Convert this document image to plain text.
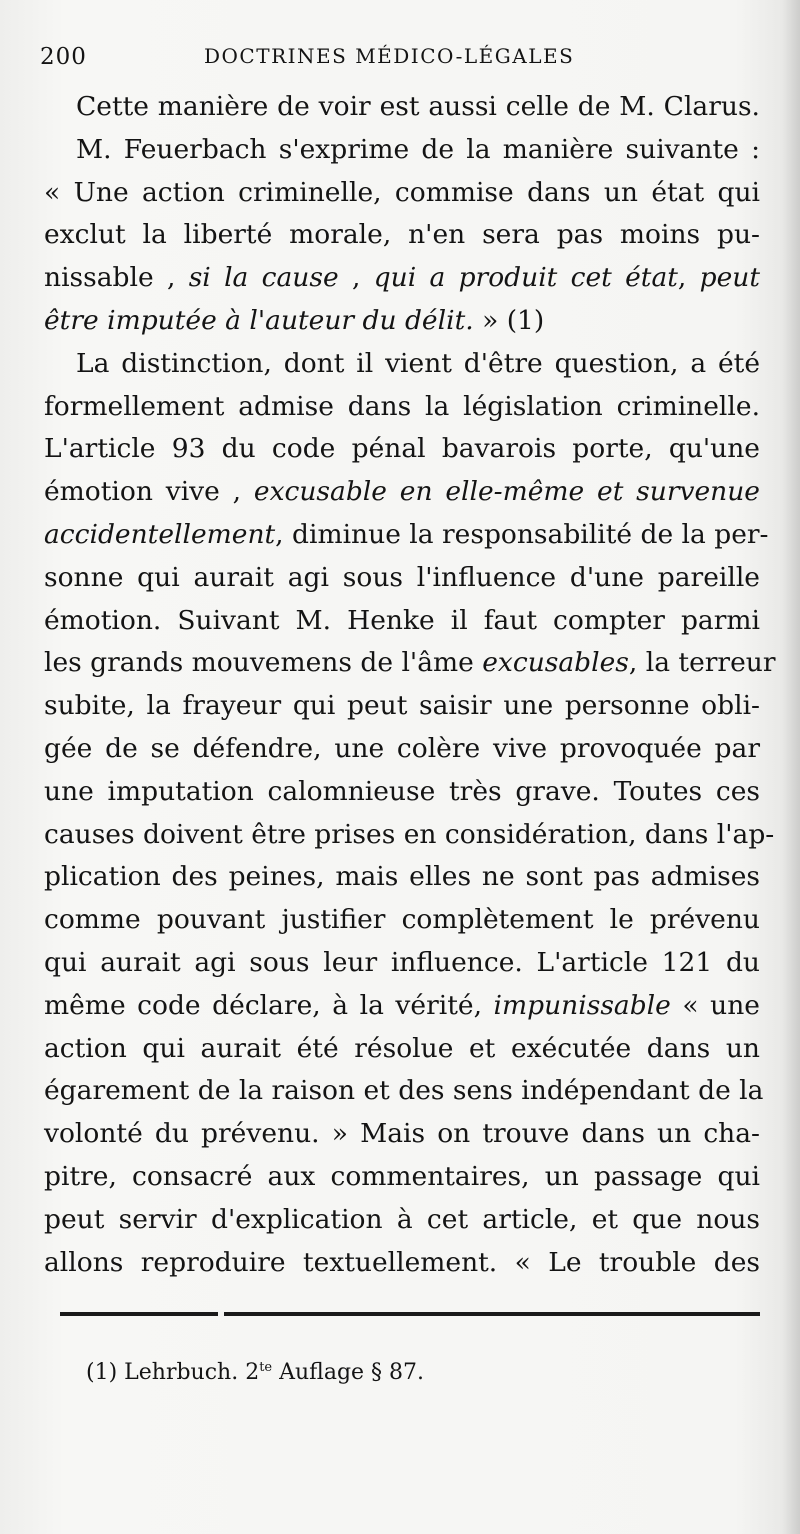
200	DOCTRINES MÉDICO-LÉGALES
Cette manière de voir est aussi celle de M. Clarus.
M. Feuerbach s'exprime de la manière suivante :
« Une action criminelle, commise dans un état qui
exclut la liberté morale, n'en sera pas moins pu-
nissable , si la cause , qui a produit cet état, peut
être imputée à l'auteur du délit. » (1)
La distinction, dont il vient d'être question, a été
formellement admise dans la législation criminelle.
L'article 93 du code pénal bavarois porte, qu'une
émotion vive , excusable en elle-même et survenue
accidentellement, diminue la responsabilité de la per-
sonne qui aurait agi sous l'influence d'une pareille
émotion. Suivant M. Henke il faut compter parmi
les grands mouvemens de l'âme excusables, la terreur
subite, la frayeur qui peut saisir une personne obli-
gée de se défendre, une colère vive provoquée par
une imputation calomnieuse très grave. Toutes ces
causes doivent être prises en considération, dans l'ap-
plication des peines, mais elles ne sont pas admises
comme pouvant justifier complètement le prévenu
qui aurait agi sous leur influence. L'article 121 du
même code déclare, à la vérité, impunissable « une
action qui aurait été résolue et exécutée dans un
égarement de la raison et des sens indépendant de la
volonté du prévenu. » Mais on trouve dans un cha-
pitre, consacré aux commentaires, un passage qui
peut servir d'explication à cet article, et que nous
allons reproduire textuellement. « Le trouble des
(1) Lehrbuch. $2^{te}$ Auflage § 87.
